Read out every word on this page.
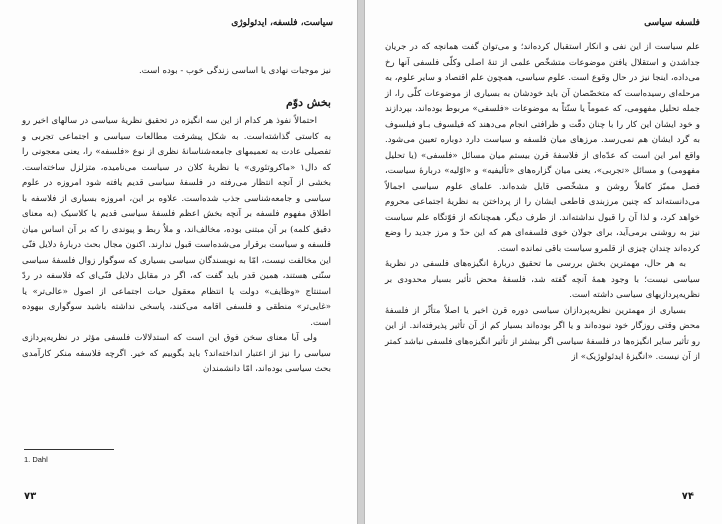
سیاست، فلسفه، ایدئولوژی

نیز موجبات نهادی یا اساسی زندگی خوب - بوده است.

بخش دوّم

احتمالاً نفوذ هر کدام از این سه انگیزه در تحقیق نظریهٔ سیاسی در سالهای اخیر رو به کاستی گذاشته‌است. به شکل پیشرفت مطالعات سیاسی و اجتماعی تجربی و تفصیلی عادت به تعمیمهای جامعه‌شناسانهٔ نظری از نوع «فلسفه» را، یعنی معجونی را که دال١ «ماکروتئوری» یا نظریهٔ کلان در سیاست می‌نامیده، متزلزل ساخته‌است. بخشی از آنچه انتظار می‌رفته در فلسفهٔ سیاسی قدیم یافته شود امروزه در علوم سیاسی و جامعه‌شناسی جذب شده‌است. علاوه بر این، امروزه بسیاری از فلاسفه با اطلاق مفهوم فلسفه بر آنچه بخش اعظم فلسفهٔ سیاسی قدیم یا کلاسیک (به معنای دقیق کلمه) بر آن مبتنی بوده، مخالف‌اند، و ملاٌ ربط و پیوندی را که بر آن اساس میان فلسفه و سیاست برقرار می‌شده‌است قبول ندارند. اکنون مجال بحث دربارهٔ دلایل فنّی این مخالفت نیست، امّا به نویسندگان سیاسی بسیاری که سوگوار زوال فلسفهٔ سیاسی سنّتی هستند، همین قدر باید گفت که، اگر در مقابل دلایل فنّی‌ای که فلاسفه در ردّ استنتاج «وظایف» دولت یا انتظام معقول حیات اجتماعی از اصول «عالی‌تر» یا «غایی‌تر» منطقی و فلسفی اقامه می‌کنند، پاسخی نداشته باشید سوگواری بیهوده است.

ولی آیا معنای سخن فوق این است که استدلالات فلسفی مؤثر در نظریه‌پردازی سیاسی را نیز از اعتبار انداخته‌اند؟ باید بگوییم که خیر. اگرچه فلاسفه منکر کارآمدی بحث سیاسی بوده‌اند، امّا دانشمندان

1. Dahl
۷۳
فلسفه سیاسی

علم سیاست از این نفی و انکار استقبال کرده‌اند؛ و می‌توان گفت همانچه که در جریان جداشدن و استقلال یافتن موضوعات متشخّص علمی از تنهٔ اصلی وکلّی فلسفی آنها رخ می‌داده، اینجا نیز در حال وقوع است. علوم سیاسی، همچون علم اقتصاد و سایر علوم، به مرحله‌ای رسیده‌است که متخصّصان آن باید خودشان به بسیاری از موضوعات کلّی را، از جمله تحلیل مفهومی، که عموماً یا سنّتاً به موضوعات «فلسفی» مربوط بوده‌اند، بپردازند و خود ایشان این کار را با چنان دقّت و ظرافتی انجام می‌دهند که فیلسوف بـاو فیلسوف به گرد ایشان هم نمی‌رسد. مرزهای میان فلسفه و سیاست دارد دوباره تعیین می‌شود. واقع امر این است که عدّه‌ای از فلاسفهٔ قرن بیستم میان مسائل «فلسفی» (یا تحلیل مفهومی) و مسائل «تجربی»، یعنی میان گزاره‌های «تألیفیه» و «اوّلیه» دربارهٔ سیاست، فصل ممیّز کاملاً روشن و مشخّصی قایل شده‌اند. علمای علوم سیاسی اجمالاً می‌دانسته‌اند که چنین مرزبندی قاطعی ایشان را از پرداختن به نظریهٔ اجتماعی محروم خواهد کرد، و لذا آن را قبول نداشته‌اند. از طرف دیگر، همچنانکه از قوّتگاه علم سیاست نیز به روشنی برمی‌آید، برای جولان خوی فلسفه‌ای هم که این حدّ و مرز جدید را وضع کرده‌اند چندان چیزی از قلمرو سیاست باقی نمانده است.

به هر حال، مهمترین بخش بررسی ما تحقیق دربارهٔ انگیزه‌های فلسفی در نظریهٔ سیاسی نیست؛ با وجود همهٔ آنچه گفته شد، فلسفهٔ محض تأثیر بسیار محدودی بر نظریه‌پردازیهای سیاسی داشته است.

بسیاری از مهمترین نظریه‌پردازان سیاسی دوره قرن اخیر یا اصلاً متأثّر از فلسفهٔ محض وقتی روزگار خود نبوده‌اند و یا اگر بوده‌اند بسیار کم از آن تأثیر پذیرفته‌اند. از این رو تأثیر سایر انگیزه‌ها در فلسفهٔ سیاسی اگر بیشتر از تأثیر انگیزه‌های فلسفی نباشد کمتر از آن نیست. «انگیزهٔ ایدئولوژیک» از

۷۴
